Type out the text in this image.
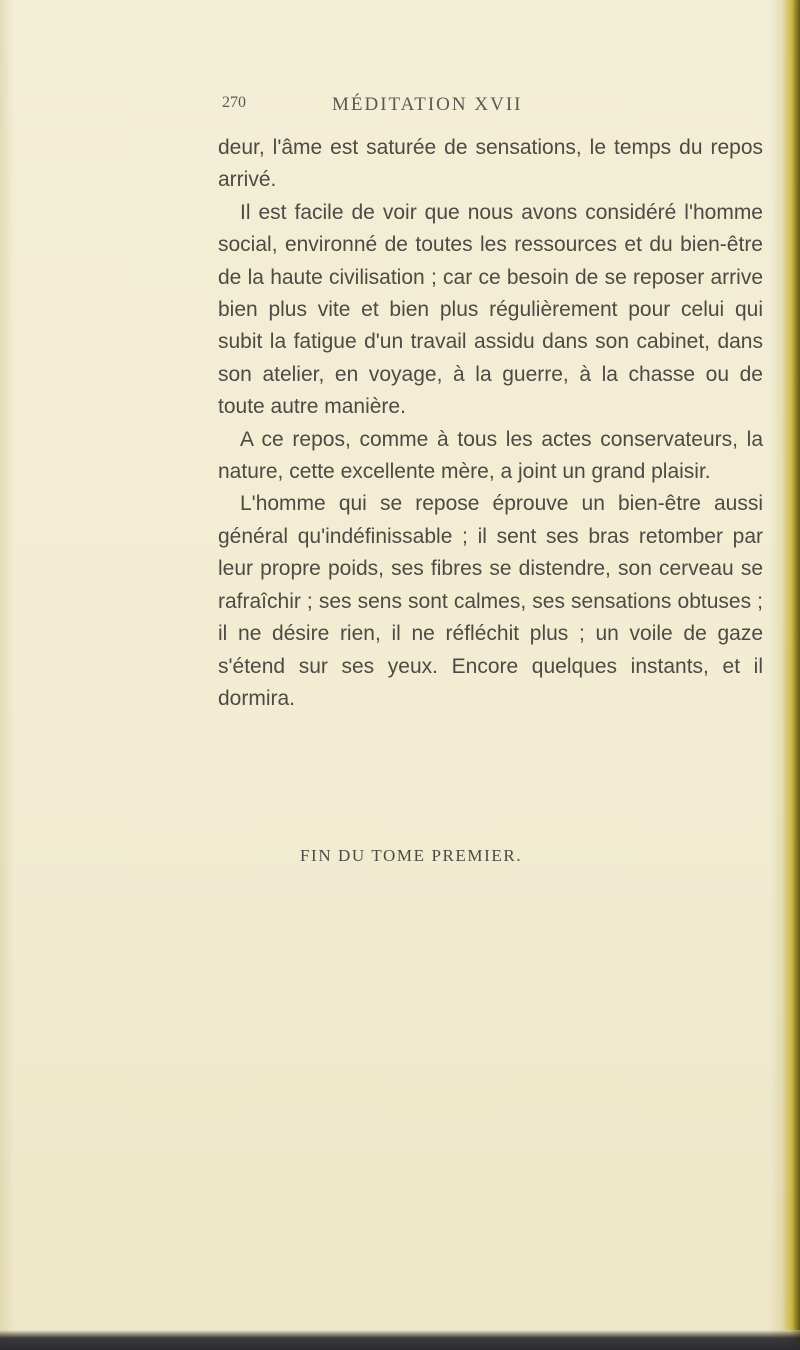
270	MÉDITATION XVII

deur, l'âme est saturée de sensations, le temps du repos arrivé.

Il est facile de voir que nous avons considéré l'homme social, environné de toutes les ressources et du bien-être de la haute civilisation ; car ce besoin de se reposer arrive bien plus vite et bien plus régulièrement pour celui qui subit la fatigue d'un travail assidu dans son cabinet, dans son atelier, en voyage, à la guerre, à la chasse ou de toute autre manière.

A ce repos, comme à tous les actes conservateurs, la nature, cette excellente mère, a joint un grand plaisir.

L'homme qui se repose éprouve un bien-être aussi général qu'indéfinissable ; il sent ses bras retomber par leur propre poids, ses fibres se distendre, son cerveau se rafraîchir ; ses sens sont calmes, ses sensations obtuses ; il ne désire rien, il ne réfléchit plus ; un voile de gaze s'étend sur ses yeux. Encore quelques instants, et il dormira.

FIN DU TOME PREMIER.
